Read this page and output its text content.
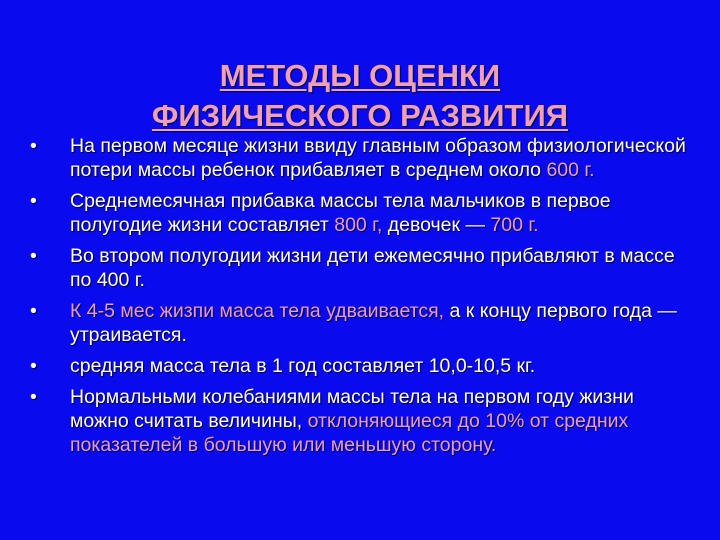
МЕТОДЫ ОЦЕНКИ
ФИЗИЧЕСКОГО РАЗВИТИЯ
• На первом месяце жизни ввиду главным образом физиологической потери массы ребенок прибавляет в среднем около 600 г.
• Среднемесячная прибавка массы тела мальчиков в первое полугодие жизни составляет 800 г, девочек — 700 г.
• Во втором полугодии жизни дети ежемесячно прибавляют в массе по 400 г.
• К 4-5 мес жизпи масса тела удваивается, а к концу первого года — утраивается.
• средняя масса тела в 1 год составляет 10,0-10,5 кг.
• Нормальньми колебаниями массы тела на первом году жизни можно считать величины, отклоняющиеся до 10% от средних показателей в большую или меньшую сторону.
